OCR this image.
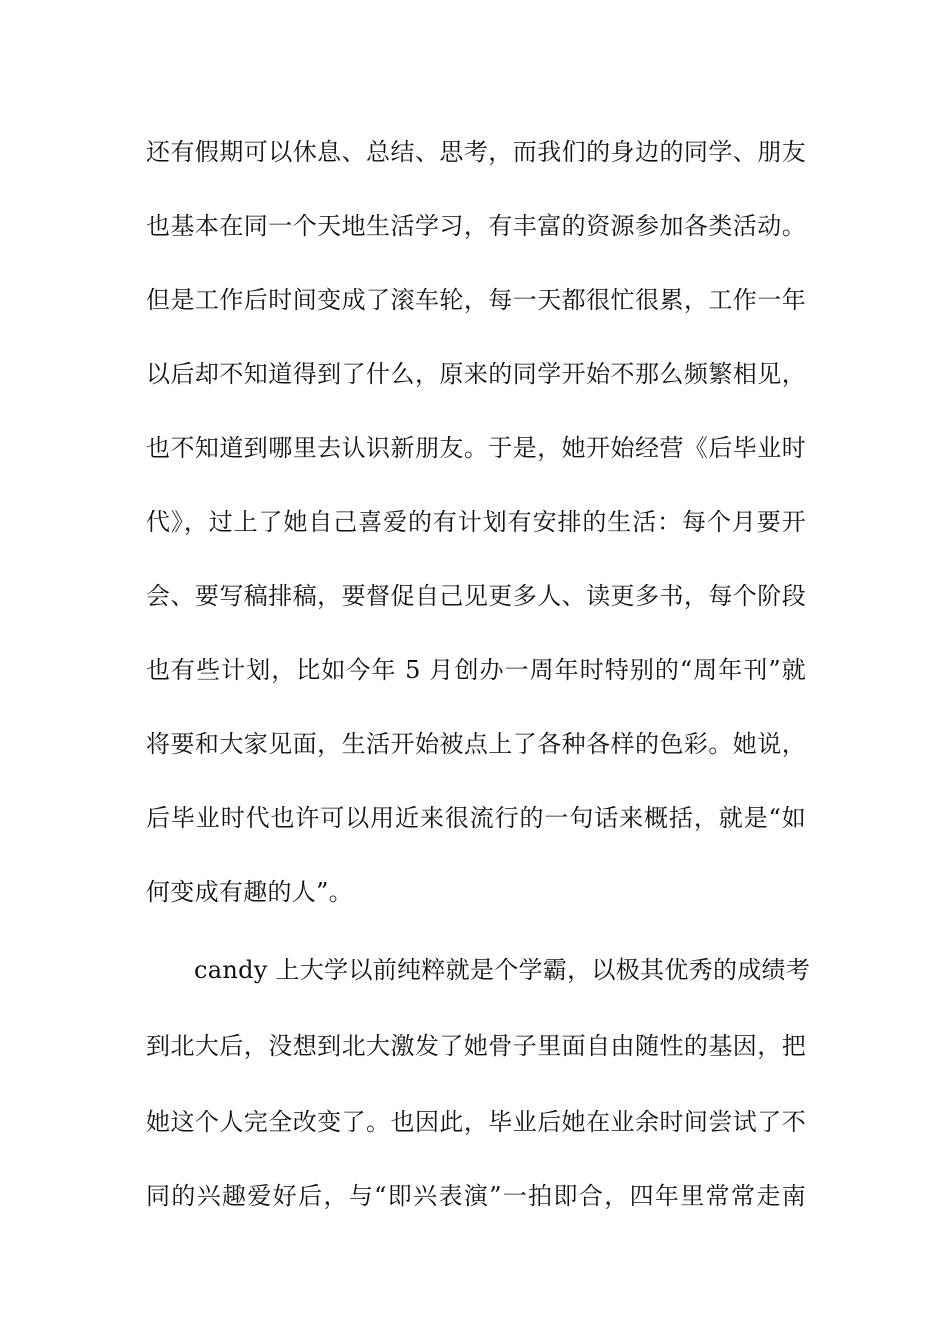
还有假期可以休息、总结、思考，而我们的身边的同学、朋友
也基本在同一个天地生活学习，有丰富的资源参加各类活动。
但是工作后时间变成了滚车轮，每一天都很忙很累，工作一年
以后却不知道得到了什么，原来的同学开始不那么频繁相见，
也不知道到哪里去认识新朋友。于是，她开始经营《后毕业时
代》，过上了她自己喜爱的有计划有安排的生活：每个月要开
会、要写稿排稿，要督促自己见更多人、读更多书，每个阶段
也有些计划，比如今年 5 月创办一周年时特别的“周年刊”就
将要和大家见面，生活开始被点上了各种各样的色彩。她说，
后毕业时代也许可以用近来很流行的一句话来概括，就是“如
何变成有趣的人”。
candy 上大学以前纯粹就是个学霸，以极其优秀的成绩考
到北大后，没想到北大激发了她骨子里面自由随性的基因，把
她这个人完全改变了。也因此，毕业后她在业余时间尝试了不
同的兴趣爱好后，与“即兴表演”一拍即合，四年里常常走南
